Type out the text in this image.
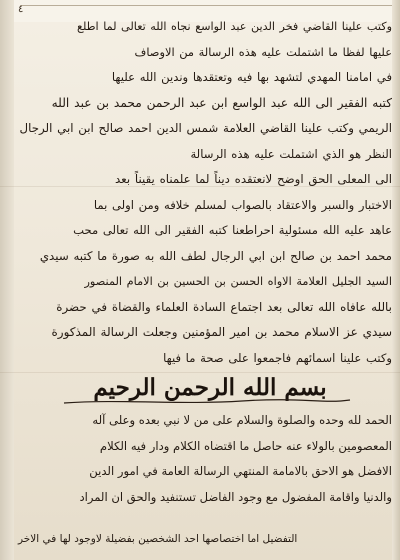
٤
وكتب علينا القاضي فخر الدين عبد الواسع نجاه الله تعالى لما اطلع
عليها لفظا ما اشتملت عليه هذه الرسالة من الاوصاف
في امامنا المهدي لتشهد بها فيه وتعتقدها وندين الله عليها
كتبه الفقير الى الله عبد الواسع ابن عبد الرحمن محمد بن عبد الله
الريمي وكتب علينا القاضي العلامة شمس الدين احمد صالح ابن ابي الرجال
النظر هو الذي اشتملت عليه هذه الرسالة
الى المعلى الحق اوضح لانعتقده ديناً لما علمناه يقيناً بعد
الاختبار والسبر والاعتقاد بالصواب لمسلم خلافه ومن اولى بما
عاهد عليه الله مسئولية احراطعنا كتبه الفقير الى الله تعالى محب
محمد احمد بن صالح ابن ابي الرجال لطف الله به صورة ما كتبه سيدي
السيد الجليل العلامة الاواه الحسن بن الحسين بن الامام المنصور
بالله عافاه الله تعالى بعد اجتماع السادة العلماء والقضاة في حضرة
سيدي عز الاسلام محمد بن امير المؤمنين وجعلت الرسالة المذكورة
وكتب علينا اسمائهم فاجمعوا على صحة ما فيها
بسم الله الرحمن الرحيم
الحمد لله وحده والصلوة والسلام على من لا نبي بعده وعلى آله
المعصومين بالولاء عنه حاصل ما اقتضاه الكلام ودار فيه الكلام
الافضل هو الاحق بالامامة المنتهي الرسالة العامة في امور الدين
والدنيا واقامة المفضول مع وجود الفاضل تستنفيد والحق ان المراد
التفضيل اما اختصاصها احد الشخصين بفضيلة لاوجود لها في الاخر
